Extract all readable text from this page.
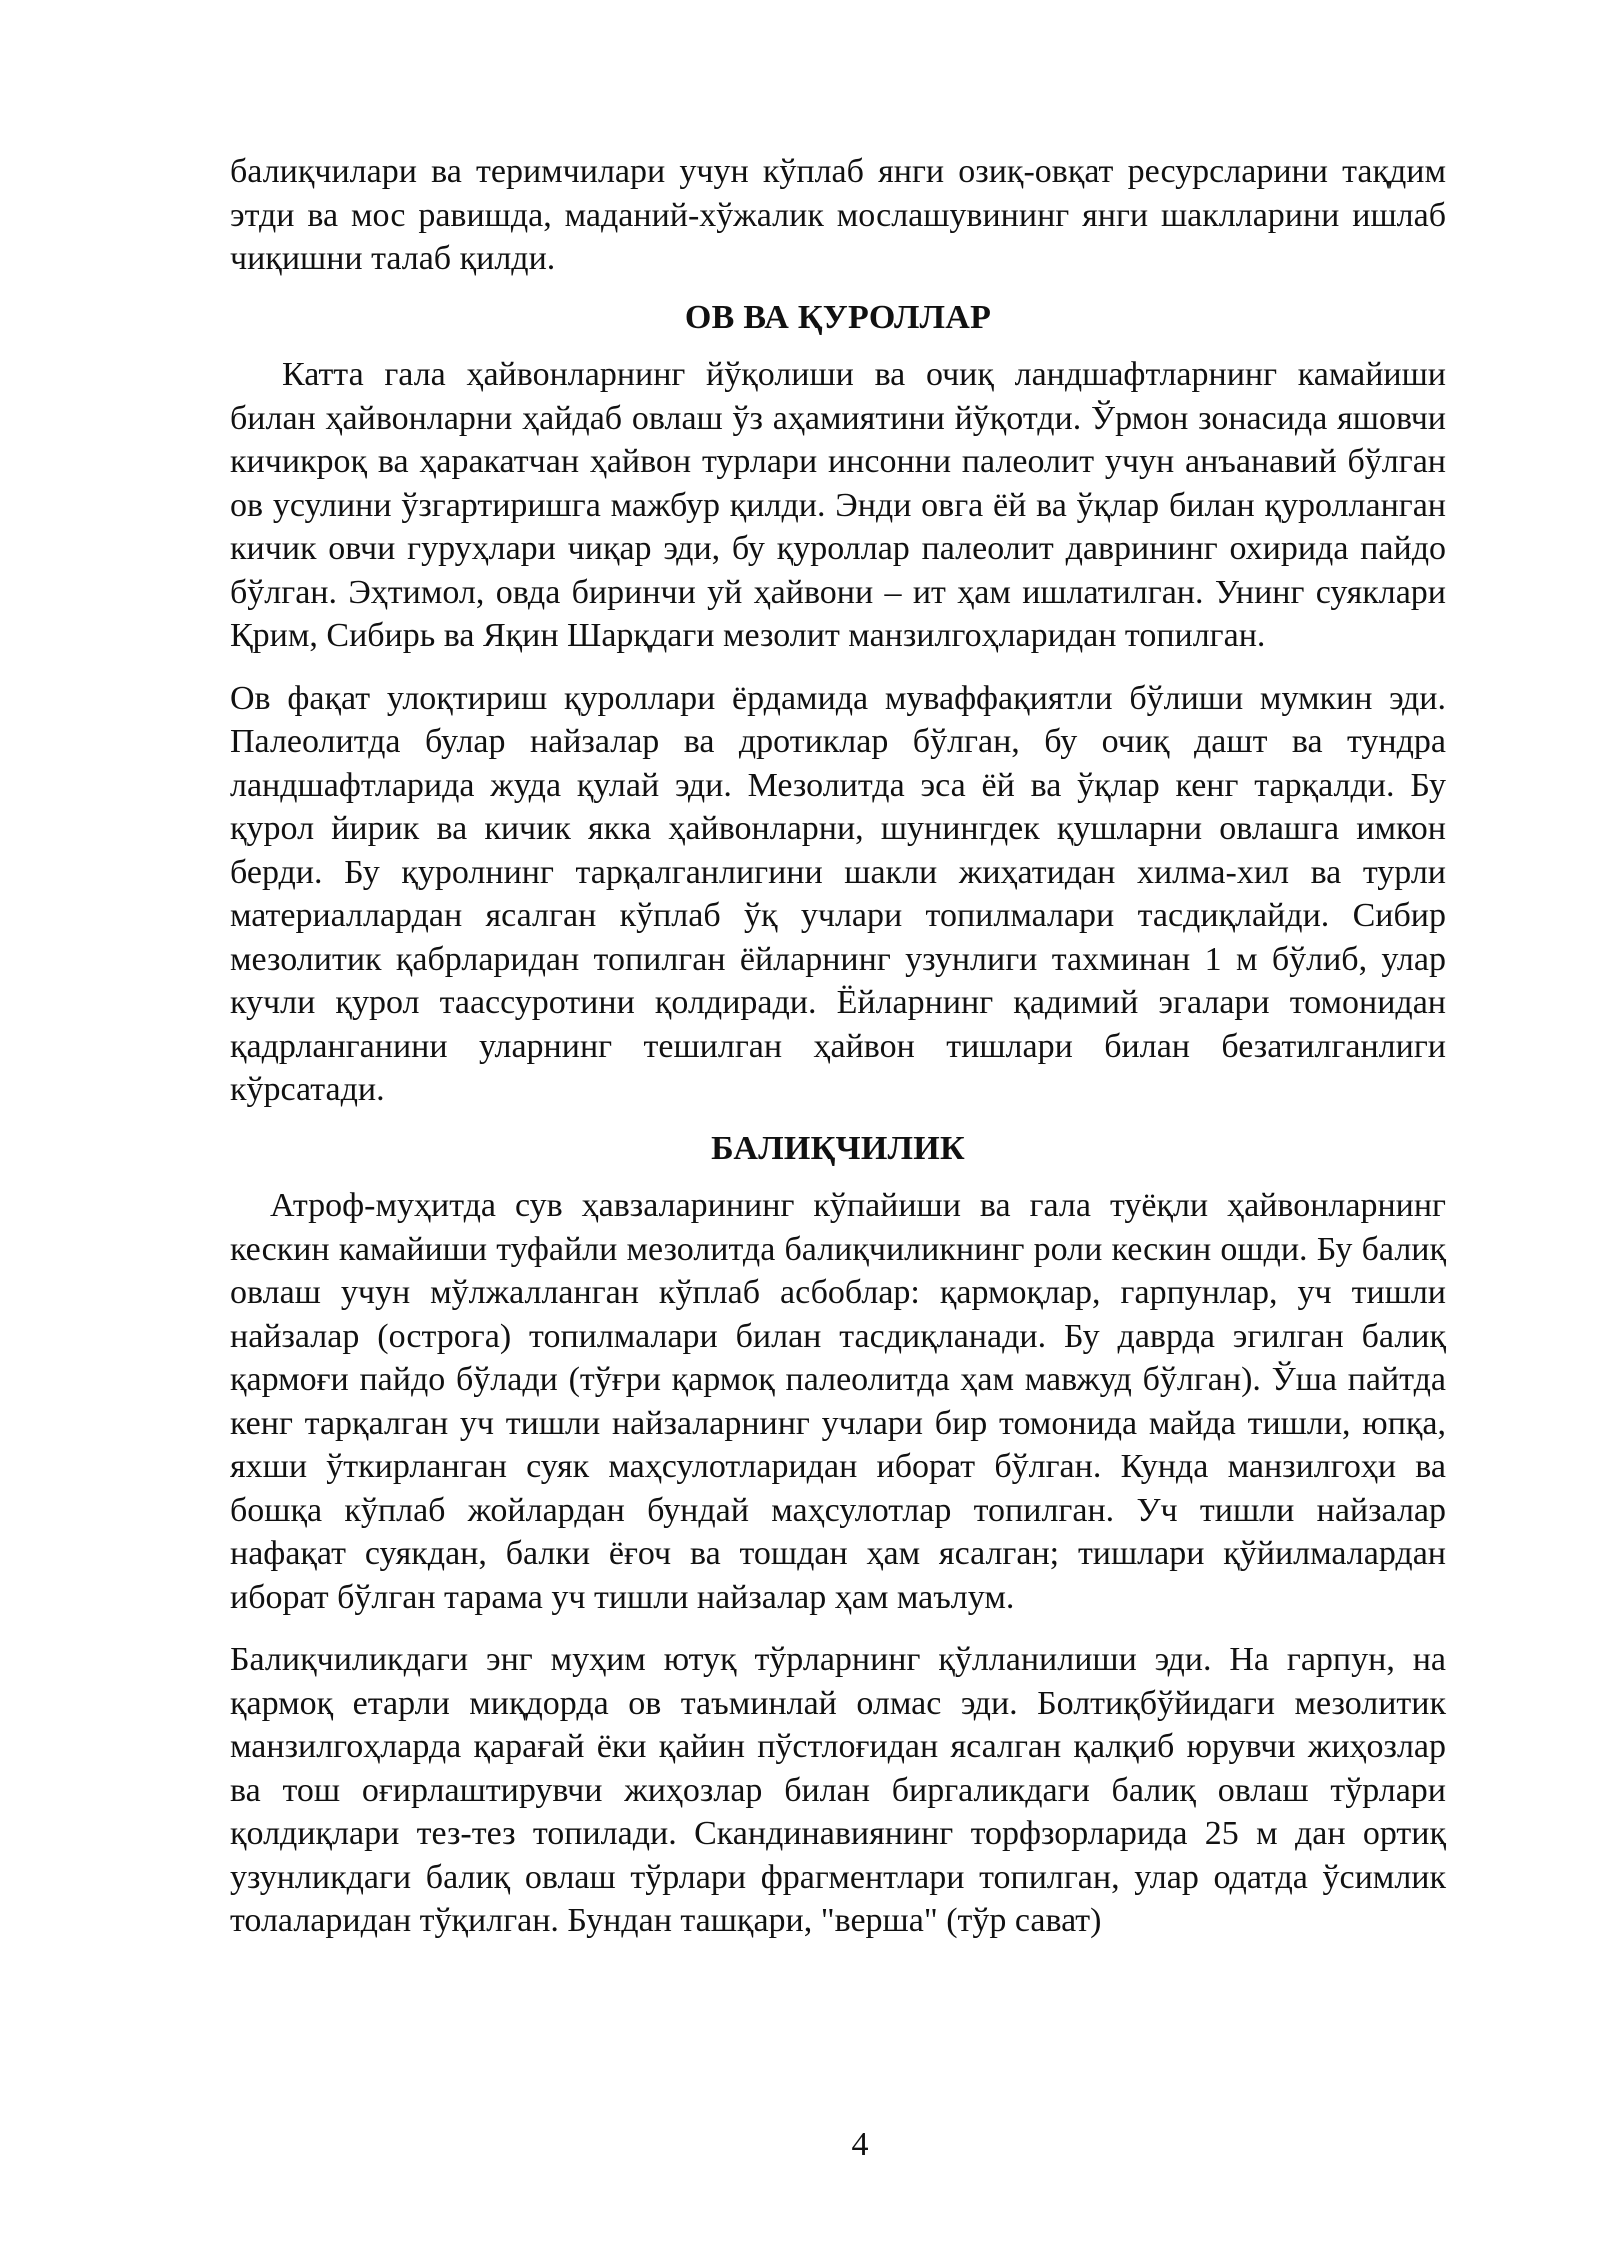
балиқчилари ва теримчилари учун кўплаб янги озиқ-овқат ресурсларини тақдим этди ва мос равишда, маданий-хўжалик мослашувининг янги шаклларини ишлаб чиқишни талаб қилди.

ОВ ВА ҚУРОЛЛАР

Катта гала ҳайвонларнинг йўқолиши ва очиқ ландшафтларнинг камайиши билан ҳайвонларни ҳайдаб овлаш ўз аҳамиятини йўқотди. Ўрмон зонасида яшовчи кичикроқ ва ҳаракатчан ҳайвон турлари инсонни палеолит учун анъанавий бўлган ов усулини ўзгартиришга мажбур қилди. Энди овга ёй ва ўқлар билан қуролланган кичик овчи гуруҳлари чиқар эди, бу қуроллар палеолит даврининг охирида пайдо бўлган. Эҳтимол, овда биринчи уй ҳайвони – ит ҳам ишлатилган. Унинг суяклари Қрим, Сибирь ва Яқин Шарқдаги мезолит манзилгоҳларидан топилган.

Ов фақат улоқтириш қуроллари ёрдамида муваффақиятли бўлиши мумкин эди. Палеолитда булар найзалар ва дротиклар бўлган, бу очиқ дашт ва тундра ландшафтларида жуда қулай эди. Мезолитда эса ёй ва ўқлар кенг тарқалди. Бу қурол йирик ва кичик якка ҳайвонларни, шунингдек қушларни овлашга имкон берди. Бу қуролнинг тарқалганлигини шакли жиҳатидан хилма-хил ва турли материаллардан ясалган кўплаб ўқ учлари топилмалари тасдиқлайди. Сибир мезолитик қабрларидан топилган ёйларнинг узунлиги тахминан 1 м бўлиб, улар кучли қурол таассуротини қолдиради. Ёйларнинг қадимий эгалари томонидан қадрланганини уларнинг тешилган ҳайвон тишлари билан безатилганлиги кўрсатади.

БАЛИҚЧИЛИК

Атроф-муҳитда сув ҳавзаларининг кўпайиши ва гала туёқли ҳайвонларнинг кескин камайиши туфайли мезолитда балиқчиликнинг роли кескин ошди. Бу балиқ овлаш учун мўлжалланган кўплаб асбоблар: қармоқлар, гарпунлар, уч тишли найзалар (острога) топилмалари билан тасдиқланади. Бу даврда эгилган балиқ қармоғи пайдо бўлади (тўғри қармоқ палеолитда ҳам мавжуд бўлган). Ўша пайтда кенг тарқалган уч тишли найзаларнинг учлари бир томонида майда тишли, юпқа, яхши ўткирланган суяк маҳсулотларидан иборат бўлган. Кунда манзилгоҳи ва бошқа кўплаб жойлардан бундай маҳсулотлар топилган. Уч тишли найзалар нафақат суякдан, балки ёғоч ва тошдан ҳам ясалган; тишлари қўйилмалардан иборат бўлган тарама уч тишли найзалар ҳам маълум.

Балиқчиликдаги энг муҳим ютуқ тўрларнинг қўлланилиши эди. На гарпун, на қармоқ етарли миқдорда ов таъминлай олмас эди. Болтиқбўйидаги мезолитик манзилгоҳларда қарағай ёки қайин пўстлоғидан ясалган қалқиб юрувчи жиҳозлар ва тош оғирлаштирувчи жиҳозлар билан биргаликдаги балиқ овлаш тўрлари қолдиқлари тез-тез топилади. Скандинавиянинг торфзорларида 25 м дан ортиқ узунликдаги балиқ овлаш тўрлари фрагментлари топилган, улар одатда ўсимлик толаларидан тўқилган. Бундан ташқари, "верша" (тўр сават)

4
